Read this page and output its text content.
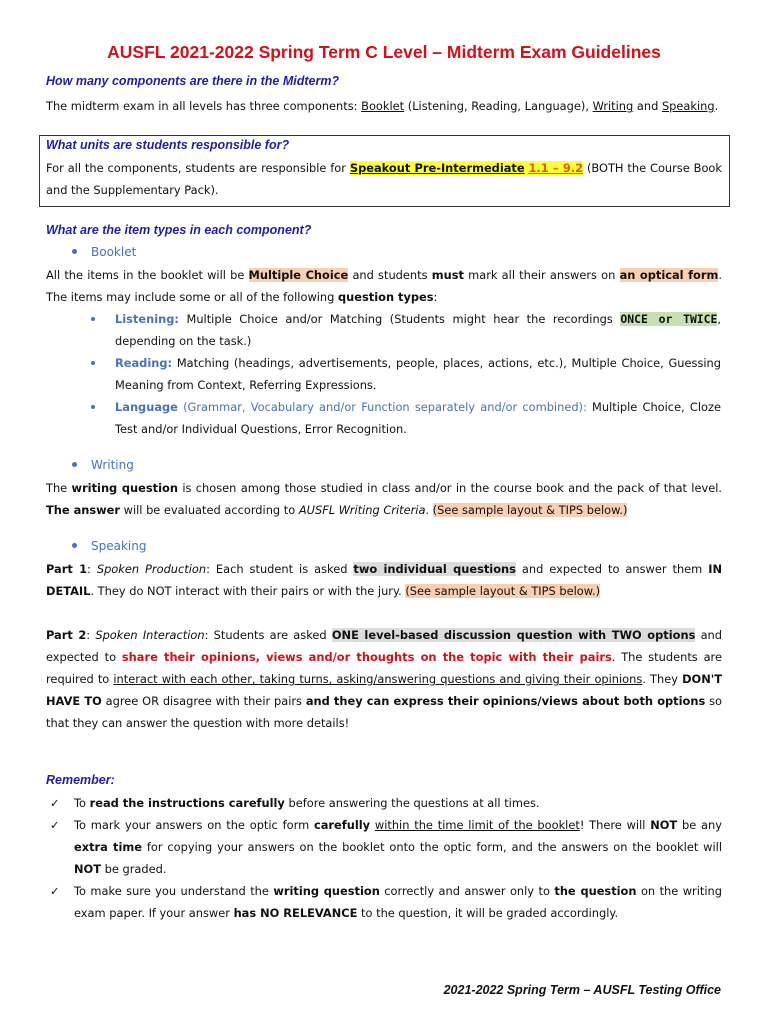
AUSFL 2021-2022 Spring Term C Level – Midterm Exam Guidelines
How many components are there in the Midterm?
The midterm exam in all levels has three components: Booklet (Listening, Reading, Language), Writing and Speaking.
What units are students responsible for?
For all the components, students are responsible for Speakout Pre-Intermediate 1.1 – 9.2 (BOTH the Course Book and the Supplementary Pack).
What are the item types in each component?
Booklet
All the items in the booklet will be Multiple Choice and students must mark all their answers on an optical form. The items may include some or all of the following question types:
Listening: Multiple Choice and/or Matching (Students might hear the recordings ONCE or TWICE, depending on the task.)
Reading: Matching (headings, advertisements, people, places, actions, etc.), Multiple Choice, Guessing Meaning from Context, Referring Expressions.
Language (Grammar, Vocabulary and/or Function separately and/or combined): Multiple Choice, Cloze Test and/or Individual Questions, Error Recognition.
Writing
The writing question is chosen among those studied in class and/or in the course book and the pack of that level. The answer will be evaluated according to AUSFL Writing Criteria. (See sample layout & TIPS below.)
Speaking
Part 1: Spoken Production: Each student is asked two individual questions and expected to answer them IN DETAIL. They do NOT interact with their pairs or with the jury. (See sample layout & TIPS below.)
Part 2: Spoken Interaction: Students are asked ONE level-based discussion question with TWO options and expected to share their opinions, views and/or thoughts on the topic with their pairs. The students are required to interact with each other, taking turns, asking/answering questions and giving their opinions. They DON'T HAVE TO agree OR disagree with their pairs and they can express their opinions/views about both options so that they can answer the question with more details!
Remember:
✓ To read the instructions carefully before answering the questions at all times.
✓ To mark your answers on the optic form carefully within the time limit of the booklet! There will NOT be any extra time for copying your answers on the booklet onto the optic form, and the answers on the booklet will NOT be graded.
✓ To make sure you understand the writing question correctly and answer only to the question on the writing exam paper. If your answer has NO RELEVANCE to the question, it will be graded accordingly.
2021-2022 Spring Term – AUSFL Testing Office
